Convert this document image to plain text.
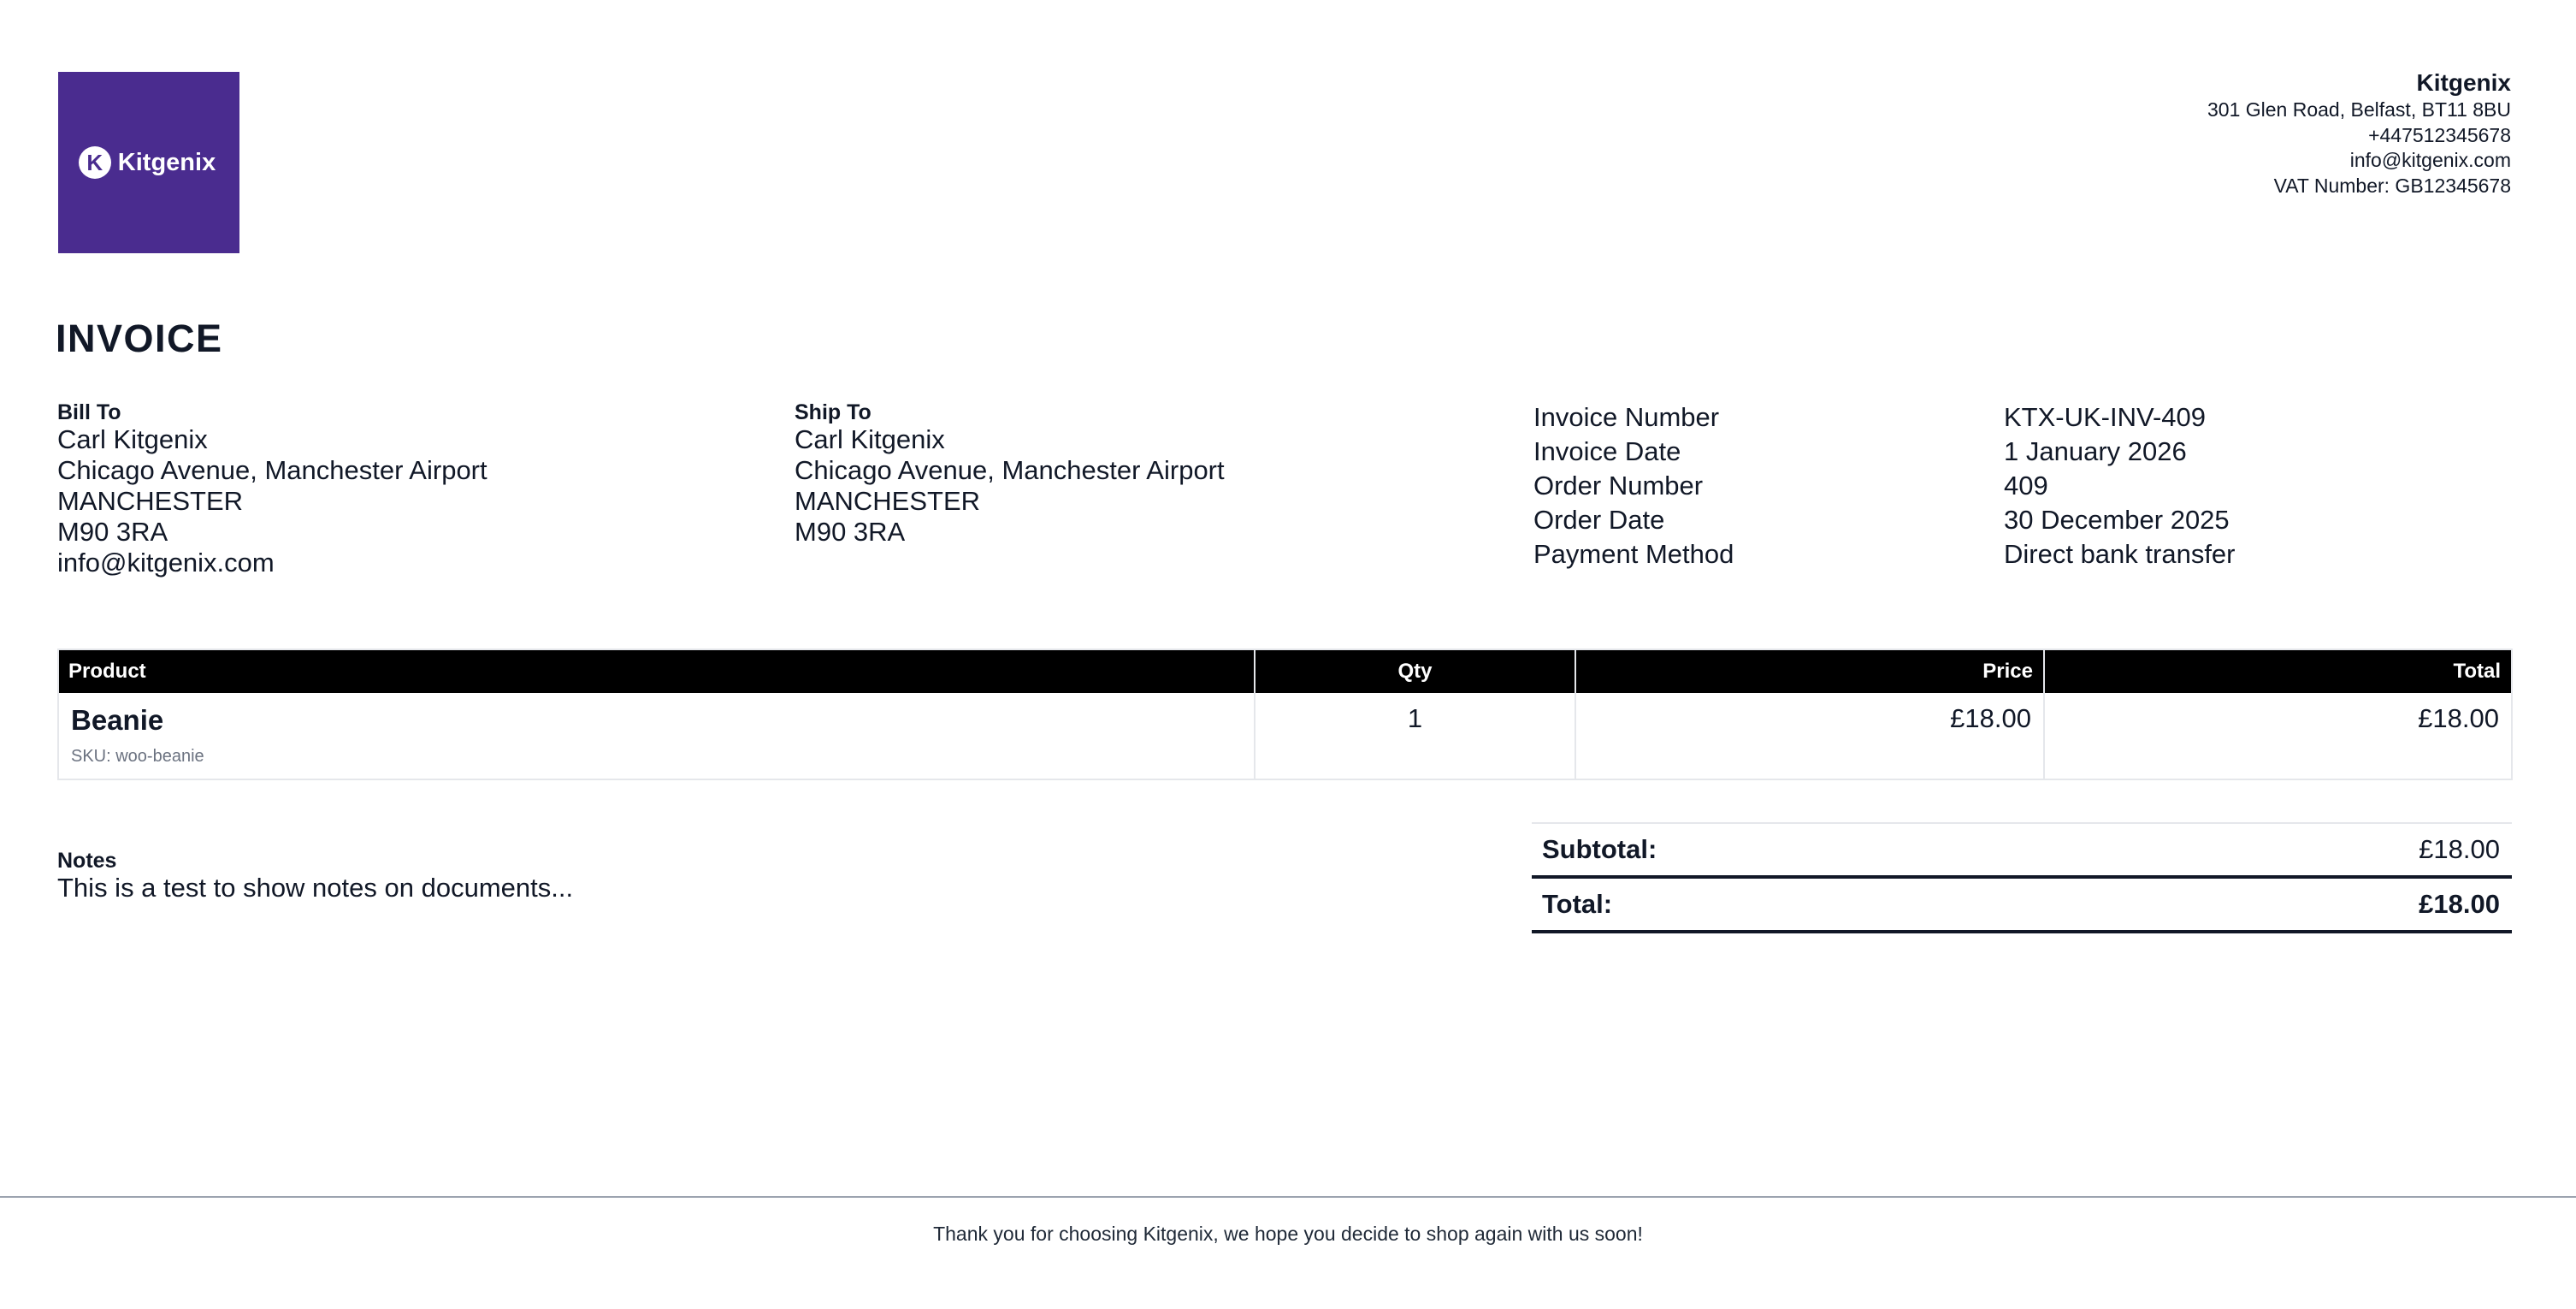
K Kitgenix
Kitgenix
301 Glen Road, Belfast, BT11 8BU
+447512345678
info@kitgenix.com
VAT Number: GB12345678
INVOICE
Bill To
Carl Kitgenix
Chicago Avenue, Manchester Airport
MANCHESTER
M90 3RA
info@kitgenix.com
Ship To
Carl Kitgenix
Chicago Avenue, Manchester Airport
MANCHESTER
M90 3RA
Invoice Number	KTX-UK-INV-409
Invoice Date	1 January 2026
Order Number	409
Order Date	30 December 2025
Payment Method	Direct bank transfer
Product	Qty	Price	Total

Beanie
SKU: woo-beanie	1	£18.00	£18.00
Notes
This is a test to show notes on documents...
Subtotal:	£18.00
Total:	£18.00
Thank you for choosing Kitgenix, we hope you decide to shop again with us soon!
